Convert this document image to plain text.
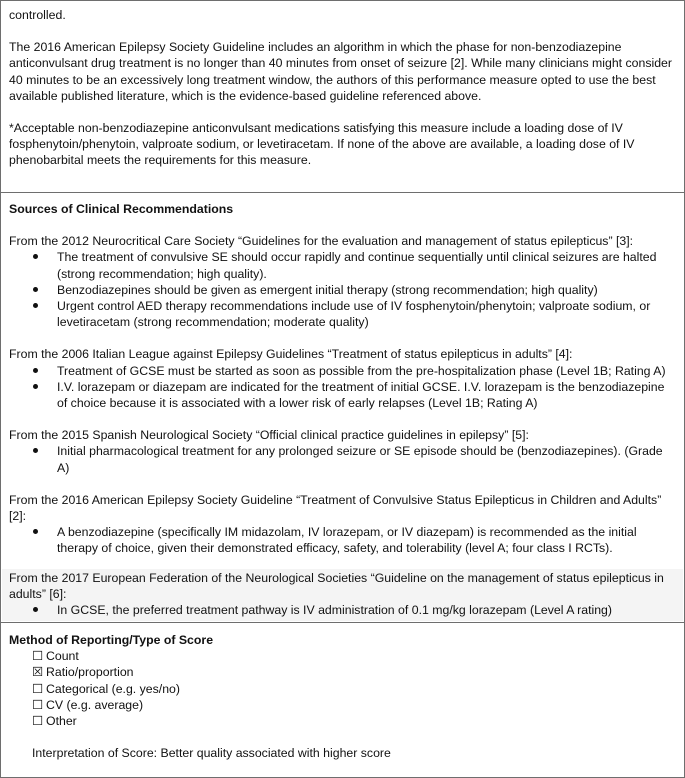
controlled.

The 2016 American Epilepsy Society Guideline includes an algorithm in which the phase for non-benzodiazepine anticonvulsant drug treatment is no longer than 40 minutes from onset of seizure [2]. While many clinicians might consider 40 minutes to be an excessively long treatment window, the authors of this performance measure opted to use the best available published literature, which is the evidence-based guideline referenced above.

*Acceptable non-benzodiazepine anticonvulsant medications satisfying this measure include a loading dose of IV fosphenytoin/phenytoin, valproate sodium, or levetiracetam. If none of the above are available, a loading dose of IV phenobarbital meets the requirements for this measure.

Sources of Clinical Recommendations

From the 2012 Neurocritical Care Society “Guidelines for the evaluation and management of status epilepticus” [3]:

The treatment of convulsive SE should occur rapidly and continue sequentially until clinical seizures are halted (strong recommendation; high quality).
Benzodiazepines should be given as emergent initial therapy (strong recommendation; high quality)
Urgent control AED therapy recommendations include use of IV fosphenytoin/phenytoin; valproate sodium, or levetiracetam (strong recommendation; moderate quality)

From the 2006 Italian League against Epilepsy Guidelines “Treatment of status epilepticus in adults” [4]:

Treatment of GCSE must be started as soon as possible from the pre-hospitalization phase (Level 1B; Rating A)
I.V. lorazepam or diazepam are indicated for the treatment of initial GCSE. I.V. lorazepam is the benzodiazepine of choice because it is associated with a lower risk of early relapses (Level 1B; Rating A)

From the 2015 Spanish Neurological Society “Official clinical practice guidelines in epilepsy” [5]:

Initial pharmacological treatment for any prolonged seizure or SE episode should be (benzodiazepines). (Grade A)

From the 2016 American Epilepsy Society Guideline “Treatment of Convulsive Status Epilepticus in Children and Adults” [2]:

A benzodiazepine (specifically IM midazolam, IV lorazepam, or IV diazepam) is recommended as the initial therapy of choice, given their demonstrated efficacy, safety, and tolerability (level A; four class I RCTs).

From the 2017 European Federation of the Neurological Societies “Guideline on the management of status epilepticus in adults” [6]:

In GCSE, the preferred treatment pathway is IV administration of 0.1 mg/kg lorazepam (Level A rating)

Method of Reporting/Type of Score

☐ Count
☒ Ratio/proportion
☐ Categorical (e.g. yes/no)
☐ CV (e.g. average)
☐ Other

Interpretation of Score: Better quality associated with higher score
